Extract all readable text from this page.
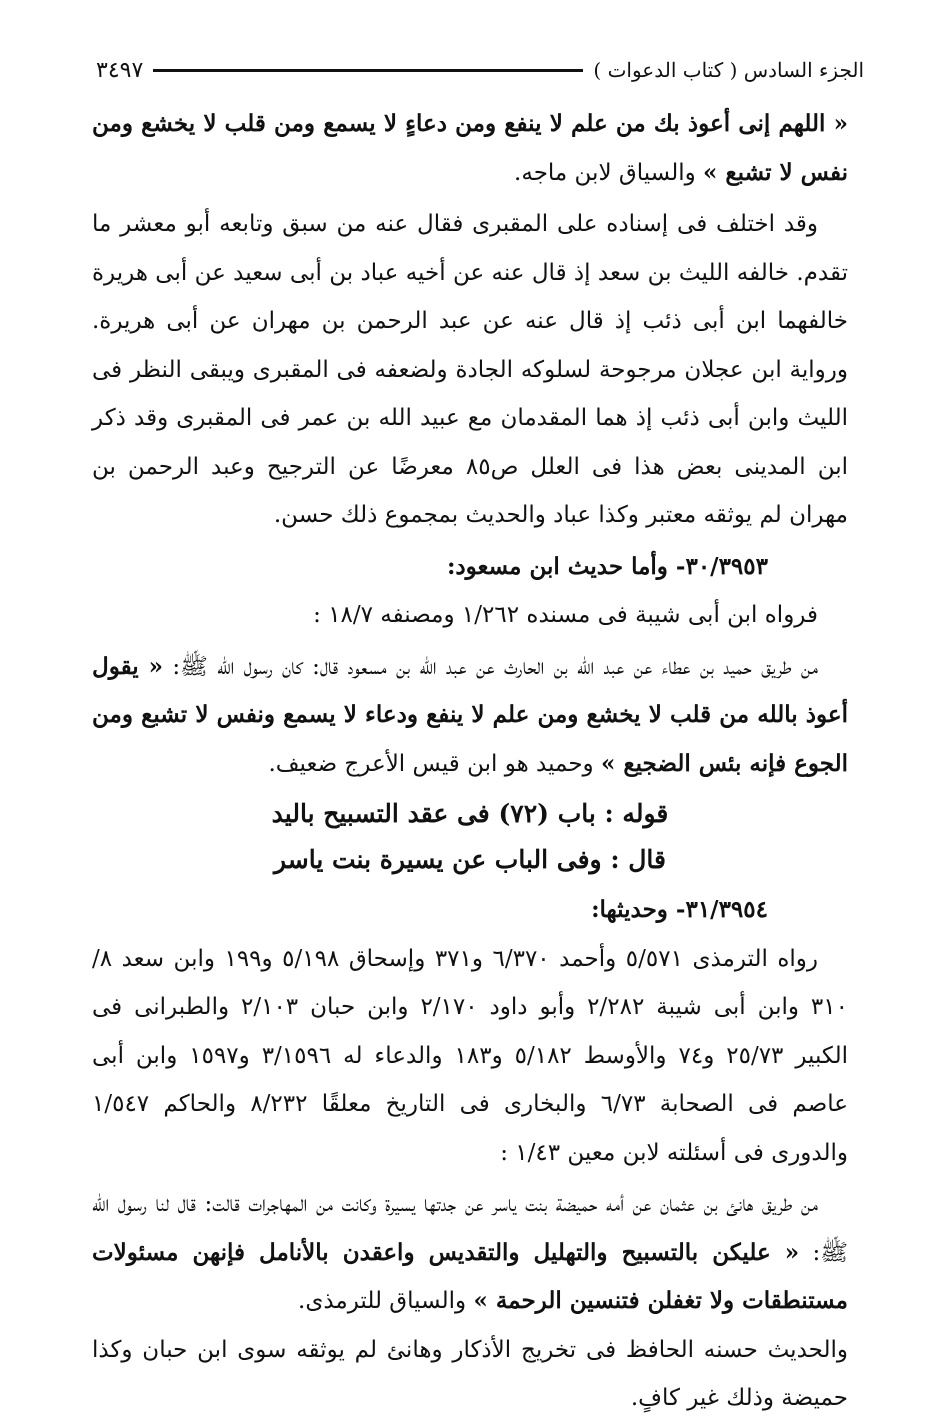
الجزء السادس ( كتاب الدعوات )
٣٤٩٧

« اللهم إنى أعوذ بك من علم لا ينفع ومن دعاءٍ لا يسمع ومن قلب لا يخشع ومن نفس لا تشبع » والسياق لابن ماجه.

وقد اختلف فى إسناده على المقبرى فقال عنه من سبق وتابعه أبو معشر ما تقدم. خالفه الليث بن سعد إذ قال عنه عن أخيه عباد بن أبى سعيد عن أبى هريرة خالفهما ابن أبى ذئب إذ قال عنه عن عبد الرحمن بن مهران عن أبى هريرة. ورواية ابن عجلان مرجوحة لسلوكه الجادة ولضعفه فى المقبرى ويبقى النظر فى الليث وابن أبى ذئب إذ هما المقدمان مع عبيد الله بن عمر فى المقبرى وقد ذكر ابن المدينى بعض هذا فى العلل ص٨٥ معرضًا عن الترجيح وعبد الرحمن بن مهران لم يوثقه معتبر وكذا عباد والحديث بمجموع ذلك حسن.

٣٠/٣٩٥٣- وأما حديث ابن مسعود:

فرواه ابن أبى شيبة فى مسنده ١/٢٦٢ ومصنفه ١٨/٧ :

من طريق حميد بن عطاء عن عبد الله بن الحارث عن عبد الله بن مسعود قال: كان رسول الله ﷺ: « يقول أعوذ بالله من قلب لا يخشع ومن علم لا ينفع ودعاء لا يسمع ونفس لا تشبع ومن الجوع فإنه بئس الضجيع » وحميد هو ابن قيس الأعرج ضعيف.

قوله : باب (٧٢) فى عقد التسبيح باليد

قال : وفى الباب عن يسيرة بنت ياسر

٣١/٣٩٥٤- وحديثها:

رواه الترمذى ٥/٥٧١ وأحمد ٦/٣٧٠ و٣٧١ وإسحاق ٥/١٩٨ و١٩٩ وابن سعد ٨/ ٣١٠ وابن أبى شيبة ٢/٢٨٢ وأبو داود ٢/١٧٠ وابن حبان ٢/١٠٣ والطبرانى فى الكبير ٢٥/٧٣ و٧٤ والأوسط ٥/١٨٢ و١٨٣ والدعاء له ٣/١٥٩٦ و١٥٩٧ وابن أبى عاصم فى الصحابة ٦/٧٣ والبخارى فى التاريخ معلقًا ٨/٢٣٢ والحاكم ١/٥٤٧ والدورى فى أسئلته لابن معين ١/٤٣ :

من طريق هانئ بن عثمان عن أمه حميضة بنت ياسر عن جدتها يسيرة وكانت من المهاجرات قالت: قال لنا رسول الله ﷺ: « عليكن بالتسبيح والتهليل والتقديس واعقدن بالأنامل فإنهن مسئولات مستنطقات ولا تغفلن فتنسين الرحمة » والسياق للترمذى.

والحديث حسنه الحافظ فى تخريج الأذكار وهانئ لم يوثقه سوى ابن حبان وكذا حميضة وذلك غير كافٍ.
